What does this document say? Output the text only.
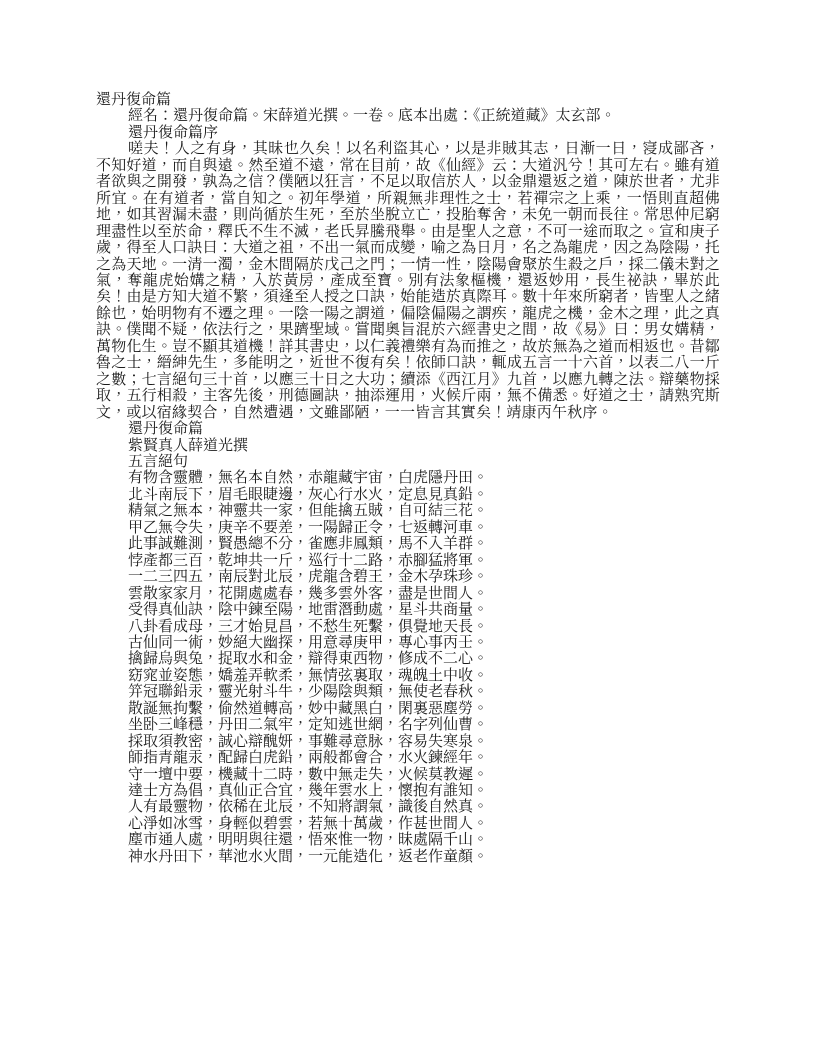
還丹復命篇
經名：還丹復命篇。宋薛道光撰。一卷。底本出處：《正統道藏》太玄部。
還丹復命篇序
嗟夫！人之有身，其昧也久矣！以名利盜其心，以是非賊其志，日漸一日，寖成鄙吝，不知好道，而自與遠。然至道不遠，常在目前，故《仙經》云：大道汎兮！其可左右。雖有道者欲與之開發，孰為之信？僕陋以狂言，不足以取信於人，以金鼎還返之道，陳於世者，尤非所宜。在有道者，當自知之。初年學道，所親無非理性之士，若禪宗之上乘，一悟則直超佛地，如其習漏未盡，則尚循於生死，至於坐脫立亡，投胎奪舍，未免一朝而長往。常思仲尼窮理盡性以至於命，釋氏不生不滅，老氏昇騰飛舉。由是聖人之意，不可一途而取之。宣和庚子歲，得至人口訣曰：大道之祖，不出一氣而成變，喻之為日月，名之為龍虎，因之為陰陽，托之為天地。一清一濁，金木間隔於戊己之門；一情一性，陰陽會聚於生殺之戶，採二儀未對之氣，奪龍虎始媾之精，入於黃房，產成至寶。別有法象樞機，還返妙用，長生祕訣，畢於此矣！由是方知大道不繁，須逢至人授之口訣，始能造於真際耳。數十年來所窮者，皆聖人之緒餘也，始明物有不遷之理。一陰一陽之謂道，偏陰偏陽之謂疾，龍虎之機，金木之理，此之真訣。僕聞不疑，依法行之，果躋聖域。嘗聞奧旨混於六經書史之間，故《易》曰：男女媾精，萬物化生。豈不顯其道機！詳其書史，以仁義禮樂有為而推之，故於無為之道而相返也。昔鄒魯之士，縉紳先生，多能明之，近世不復有矣！依師口訣，輒成五言一十六首，以表二八一斤之數；七言絕句三十首，以應三十日之大功；續添《西江月》九首，以應九轉之法。辯藥物採取，五行相殺，主客先後，刑德圖訣，抽添運用，火候斤兩，無不備悉。好道之士，請熟究斯文，或以宿緣契合，自然遭遇，文雖鄙陋，一一皆言其實矣！靖康丙午秋序。
還丹復命篇
紫賢真人薛道光撰
五言絕句
有物含靈體，無名本自然，赤龍藏宇宙，白虎隱丹田。
北斗南辰下，眉毛眼睫邊，灰心行水火，定息見真鉛。
精氣之無本，神靈共一家，但能擒五賊，自可結三花。
甲乙無令失，庚辛不要差，一陽歸正令，七返轉河車。
此事誠難測，賢愚總不分，雀應非鳳類，馬不入羊群。
悖產都三百，乾坤共一斤，巡行十二路，赤腳猛將軍。
一二三四五，南辰對北辰，虎龍含碧王，金木孕珠珍。
雲散家家月，花開處處春，幾多雲外客，盡是世間人。
受得真仙訣，陰中鍊至陽，地雷潛動處，星斗共商量。
八卦看成母，三才始見昌，不愁生死繫，俱覺地天長。
古仙同一術，妙絕大幽探，用意尋庚甲，專心事丙壬。
擒歸烏與兔，捉取水和金，辯得東西物，修成不二心。
窈窕並姿態，嬌羞弄軟柔，無情弦裏取，魂魄土中收。
笄冠聯鉛汞，靈光射斗牛，少陽陰與類，無使老春秋。
散誕無拘繫，偷然道轉高，妙中藏黑白，閑裏惡塵勞。
坐卧三峰穩，丹田二氣牢，定知逃世網，名字列仙曹。
採取須教密，誠心辯醜妍，事難尋意脉，容易失寒泉。
師指青龍汞，配歸白虎鉛，兩般都會合，水火鍊經年。
守一壇中要，機藏十二時，數中無走失，火候莫教遲。
達士方為倡，真仙正合宜，幾年雲水上，懷抱有誰知。
人有最靈物，依稀在北辰，不知將謂氣，識後自然真。
心淨如冰雪，身輕似碧雲，若無十萬歲，作甚世間人。
塵市通人處，明明與往還，悟來惟一物，昧處隔千山。
神水丹田下，華池水火間，一元能造化，返老作童顏。
